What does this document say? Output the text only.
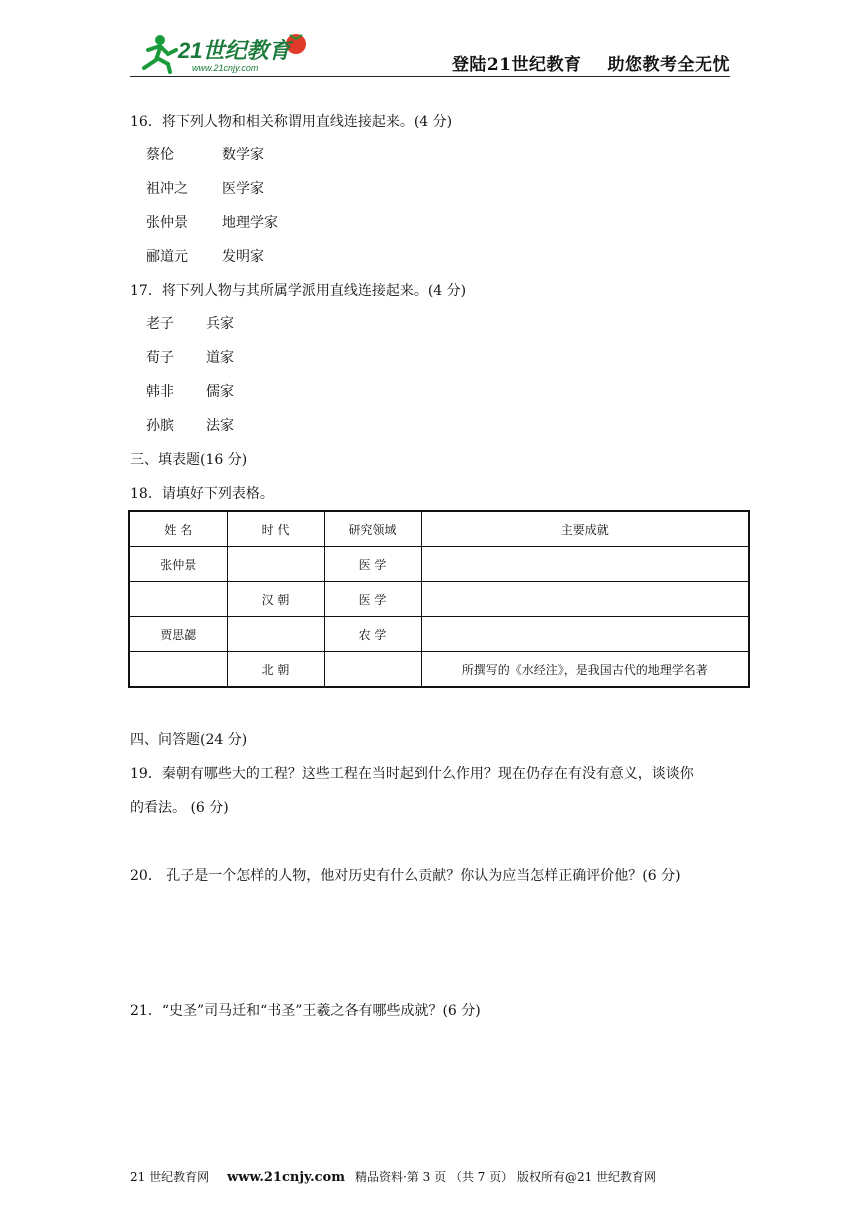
21世纪教育
www.21cnjy.com	登陆21世纪教育 助您教考全无忧
16．将下列人物和相关称谓用直线连接起来。(4 分)
蔡伦	数学家
祖冲之	医学家
张仲景	地理学家
郦道元	发明家
17．将下列人物与其所属学派用直线连接起来。(4 分)
老子	兵家
荀子	道家
韩非	儒家
孙膑	法家
三、填表题(16 分)
18．请填好下列表格。
姓 名	时 代	研究领域	主要成就
张仲景		医 学	
	汉 朝	医 学	
贾思勰		农 学	
	北 朝		所撰写的《水经注》，是我国古代的地理学名著
四、问答题(24 分)
19．秦朝有哪些大的工程？这些工程在当时起到什么作用？现在仍存在有没有意义，谈谈你
的看法。 (6 分)
20． 孔子是一个怎样的人物，他对历史有什么贡献？你认为应当怎样正确评价他？(6 分)
21．“史圣”司马迁和“书圣”王羲之各有哪些成就？(6 分)
21 世纪教育网 www.21cnjy.com 精品资料·第 3 页 （共 7 页） 版权所有@21 世纪教育网
